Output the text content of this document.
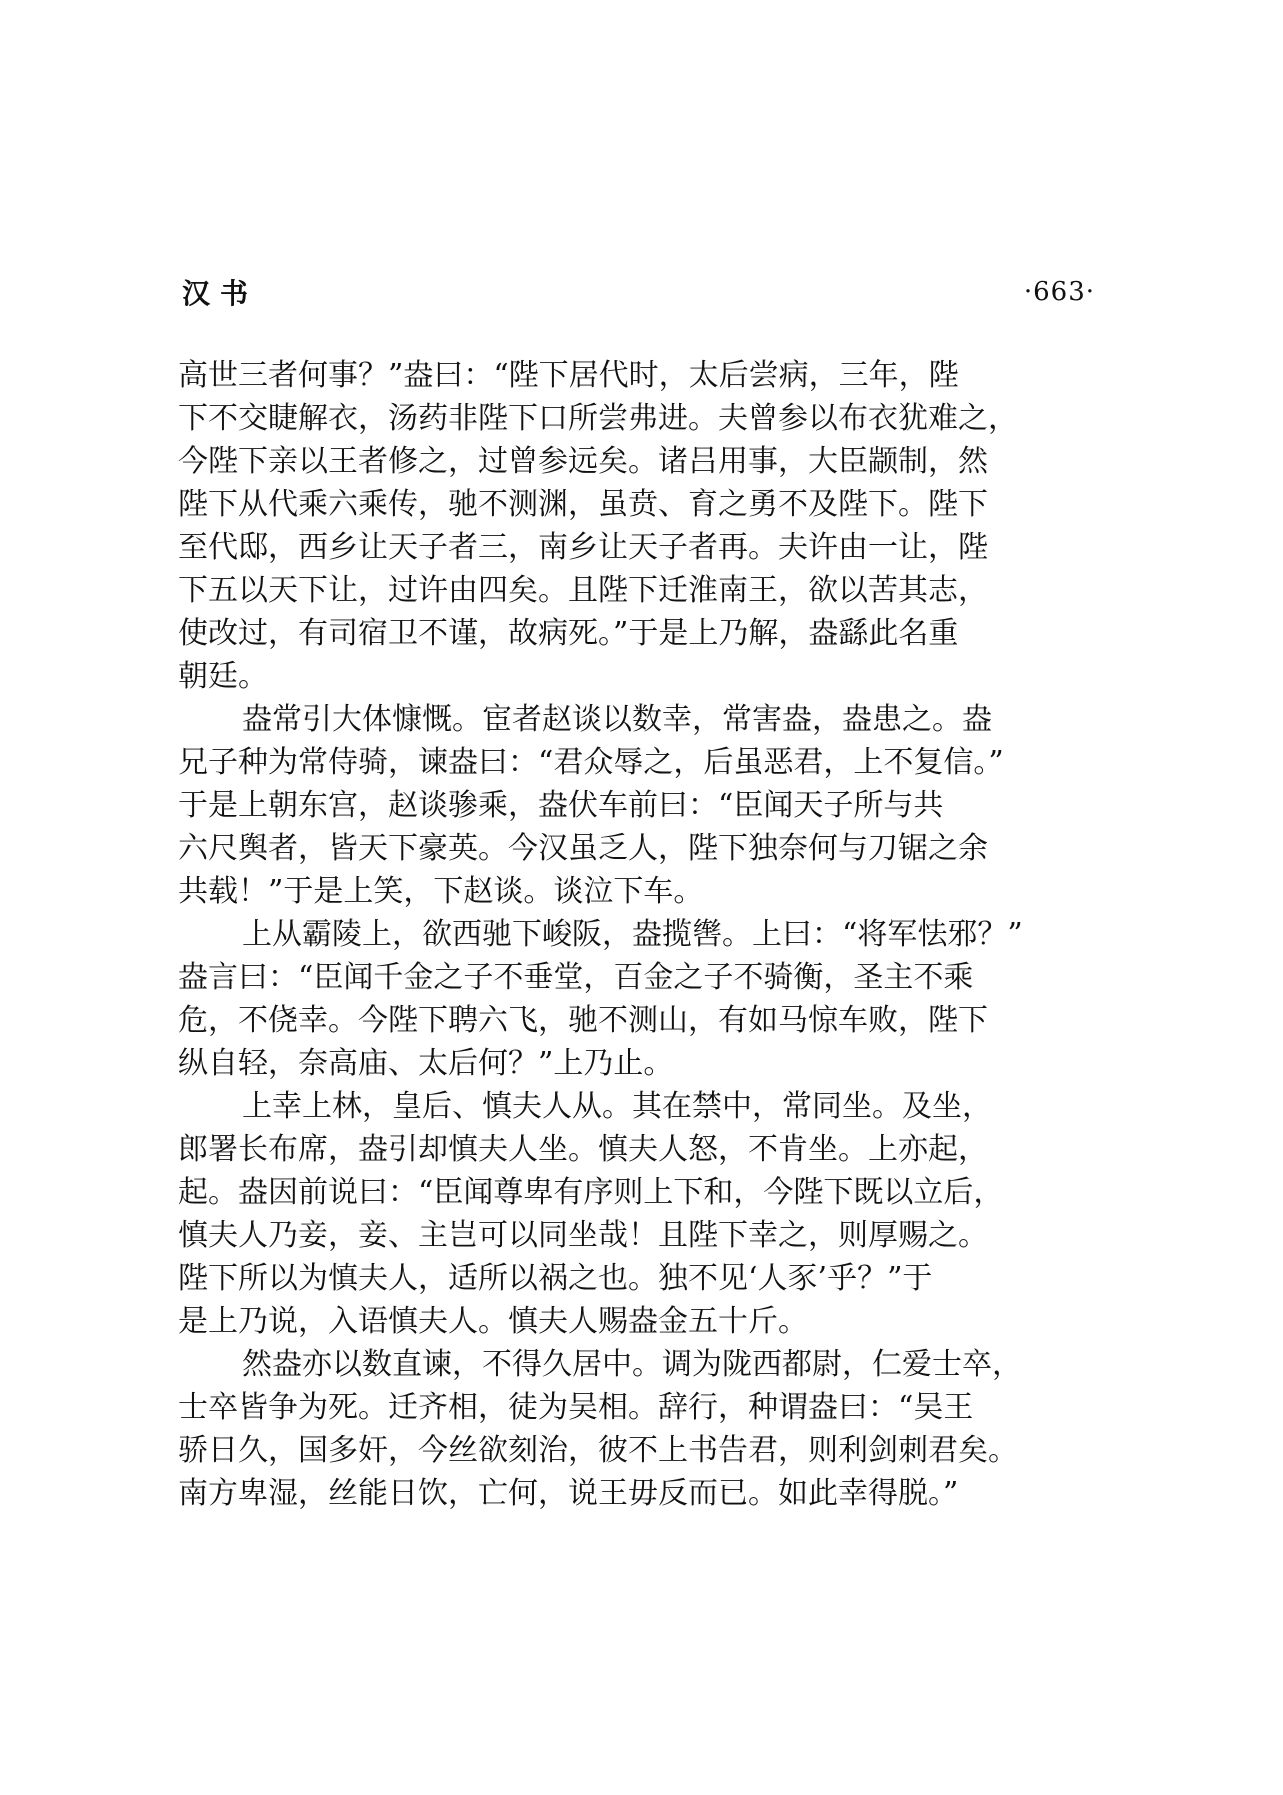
汉书	·663·
高世三者何事？”盎曰：“陛下居代时，太后尝病，三年，陛
下不交睫解衣，汤药非陛下口所尝弗进。夫曾参以布衣犹难之，
今陛下亲以王者修之，过曾参远矣。诸吕用事，大臣颛制，然
陛下从代乘六乘传，驰不测渊，虽贲、育之勇不及陛下。陛下
至代邸，西乡让天子者三，南乡让天子者再。夫许由一让，陛
下五以天下让，过许由四矣。且陛下迁淮南王，欲以苦其志，
使改过，有司宿卫不谨，故病死。”于是上乃解，盎繇此名重
朝廷。
盎常引大体慷慨。宦者赵谈以数幸，常害盎，盎患之。盎
兄子种为常侍骑，谏盎曰：“君众辱之，后虽恶君，上不复信。”
于是上朝东宫，赵谈骖乘，盎伏车前曰：“臣闻天子所与共
六尺舆者，皆天下豪英。今汉虽乏人，陛下独奈何与刀锯之余
共载！”于是上笑，下赵谈。谈泣下车。
上从霸陵上，欲西驰下峻阪，盎揽辔。上曰：“将军怯邪？”
盎言曰：“臣闻千金之子不垂堂，百金之子不骑衡，圣主不乘
危，不侥幸。今陛下聘六飞，驰不测山，有如马惊车败，陛下
纵自轻，奈高庙、太后何？”上乃止。
上幸上林，皇后、慎夫人从。其在禁中，常同坐。及坐，
郎署长布席，盎引却慎夫人坐。慎夫人怒，不肯坐。上亦起，
起。盎因前说曰：“臣闻尊卑有序则上下和，今陛下既以立后，
慎夫人乃妾，妾、主岂可以同坐哉！且陛下幸之，则厚赐之。
陛下所以为慎夫人，适所以祸之也。独不见‘人豕’乎？”于
是上乃说，入语慎夫人。慎夫人赐盎金五十斤。
然盎亦以数直谏，不得久居中。调为陇西都尉，仁爱士卒，
士卒皆争为死。迁齐相，徒为吴相。辞行，种谓盎曰：“吴王
骄日久，国多奸，今丝欲刻治，彼不上书告君，则利剑刺君矣。
南方卑湿，丝能日饮，亡何，说王毋反而已。如此幸得脱。”
